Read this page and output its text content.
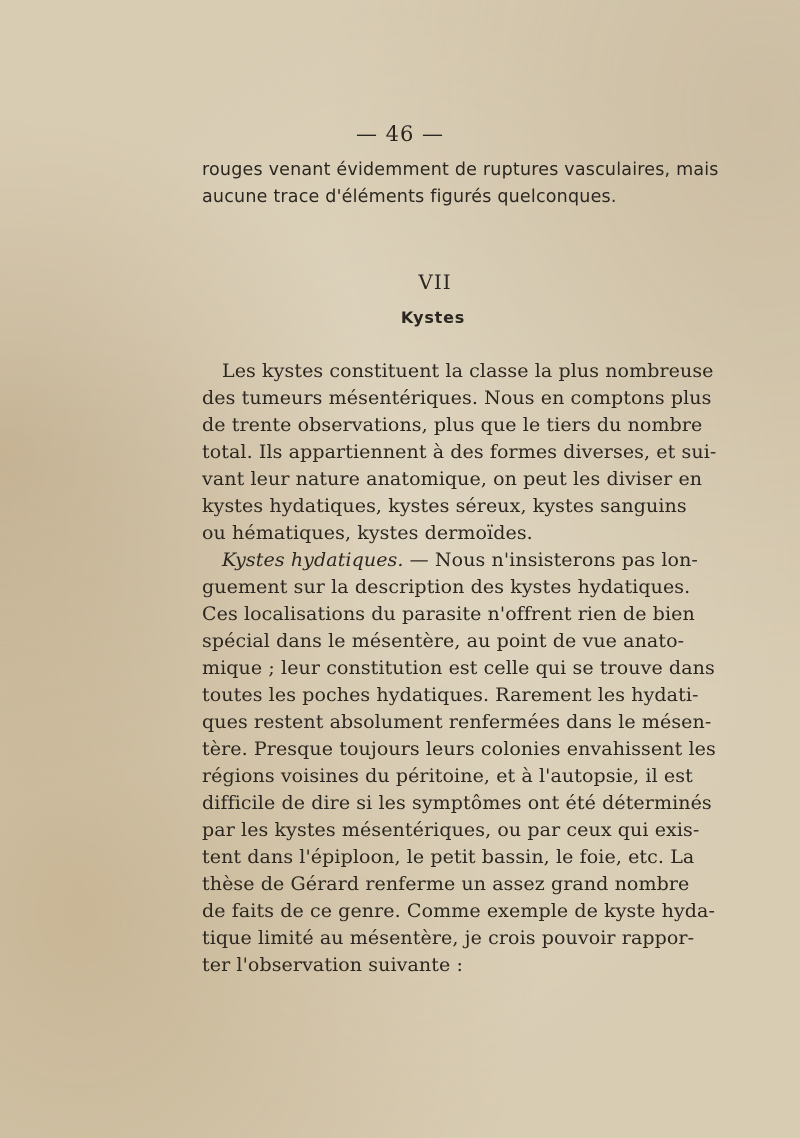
— 46 —
rouges venant évidemment de ruptures vasculaires, mais
aucune trace d'éléments figurés quelconques.
VII
Kystes
Les kystes constituent la classe la plus nombreuse
des tumeurs mésentériques. Nous en comptons plus
de trente observations, plus que le tiers du nombre
total. Ils appartiennent à des formes diverses, et sui-
vant leur nature anatomique, on peut les diviser en
kystes hydatiques, kystes séreux, kystes sanguins
ou hématiques, kystes dermoïdes.
Kystes hydatiques. — Nous n'insisterons pas lon-
guement sur la description des kystes hydatiques.
Ces localisations du parasite n'offrent rien de bien
spécial dans le mésentère, au point de vue anato-
mique ; leur constitution est celle qui se trouve dans
toutes les poches hydatiques. Rarement les hydati-
ques restent absolument renfermées dans le mésen-
tère. Presque toujours leurs colonies envahissent les
régions voisines du péritoine, et à l'autopsie, il est
difficile de dire si les symptômes ont été déterminés
par les kystes mésentériques, ou par ceux qui exis-
tent dans l'épiploon, le petit bassin, le foie, etc. La
thèse de Gérard renferme un assez grand nombre
de faits de ce genre. Comme exemple de kyste hyda-
tique limité au mésentère, je crois pouvoir rappor-
ter l'observation suivante :
